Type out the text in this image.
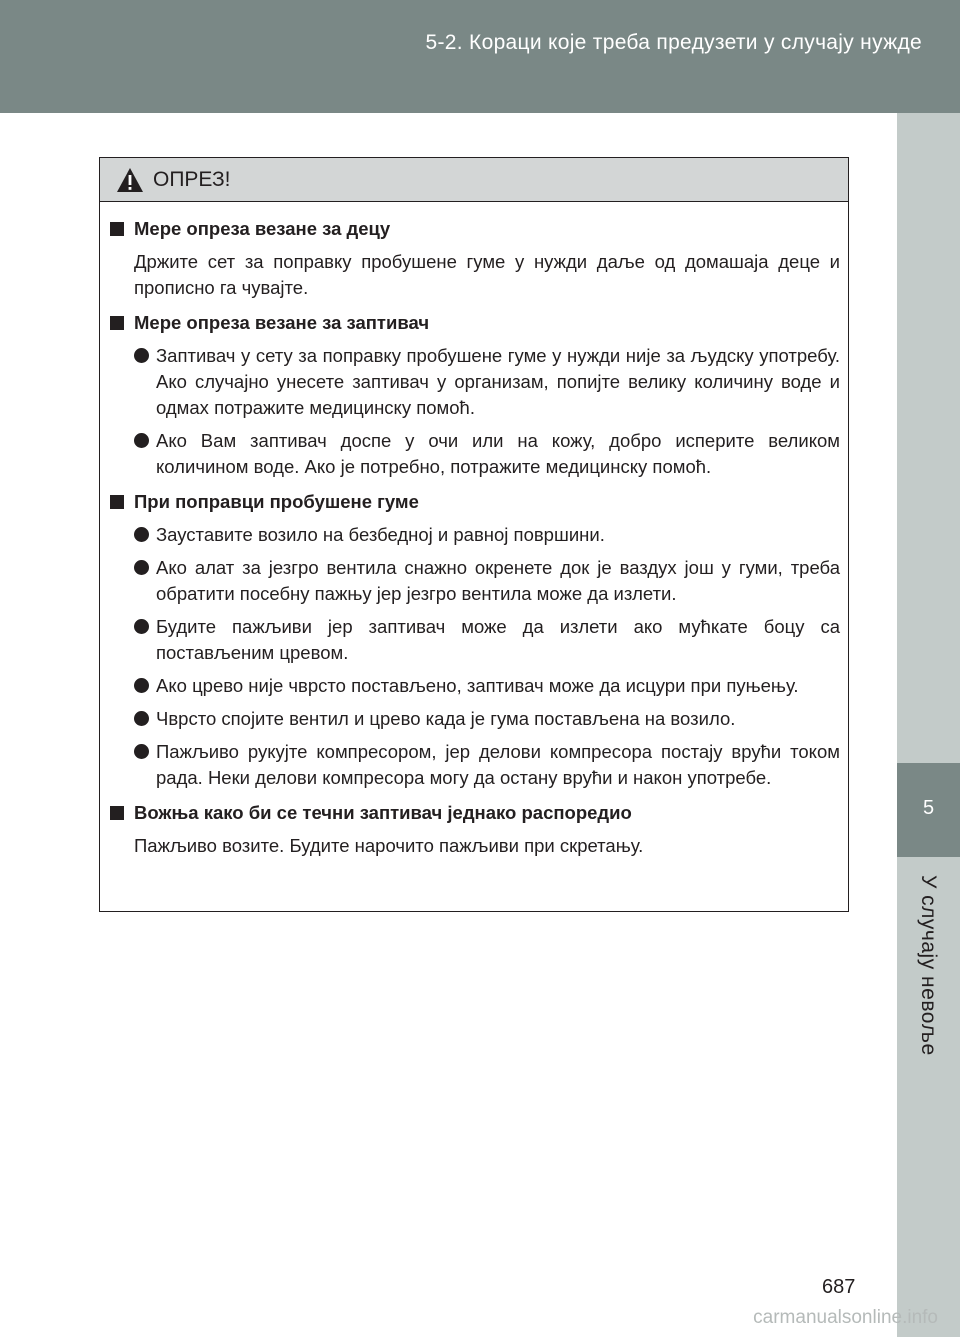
5-2. Кораци које треба предузети у случају нужде
5
У случају невоље
ОПРЕЗ!
Мере опреза везане за децу
Држите сет за поправку пробушене гуме у нужди даље од домашаја деце и прописно га чувајте.
Мере опреза везане за заптивач
Заптивач у сету за поправку пробушене гуме у нужди није за људску употребу. Ако случајно унесете заптивач у организам, попијте велику количину воде и одмах потражите медицинску помоћ.
Ако Вам заптивач доспе у очи или на кожу, добро исперите великом количином воде. Ако је потребно, потражите медицинску помоћ.
При поправци пробушене гуме
Зауставите возило на безбедној и равној површини.
Ако алат за језгро вентила снажно окренете док је ваздух још у гуми, треба обратити посебну пажњу јер језгро вентила може да излети.
Будите пажљиви јер заптивач може да излети ако мућкате боцу са постављеним цревом.
Ако црево није чврсто постављено, заптивач може да исцури при пуњењу.
Чврсто спојите вентил и црево када је гума постављена на возило.
Пажљиво рукујте компресором, јер делови компресора постају врући током рада. Неки делови компресора могу да остану врући и након употребе.
Вожња како би се течни заптивач једнако распоредио
Пажљиво возите. Будите нарочито пажљиви при скретању.
687
carmanualsonline.info
